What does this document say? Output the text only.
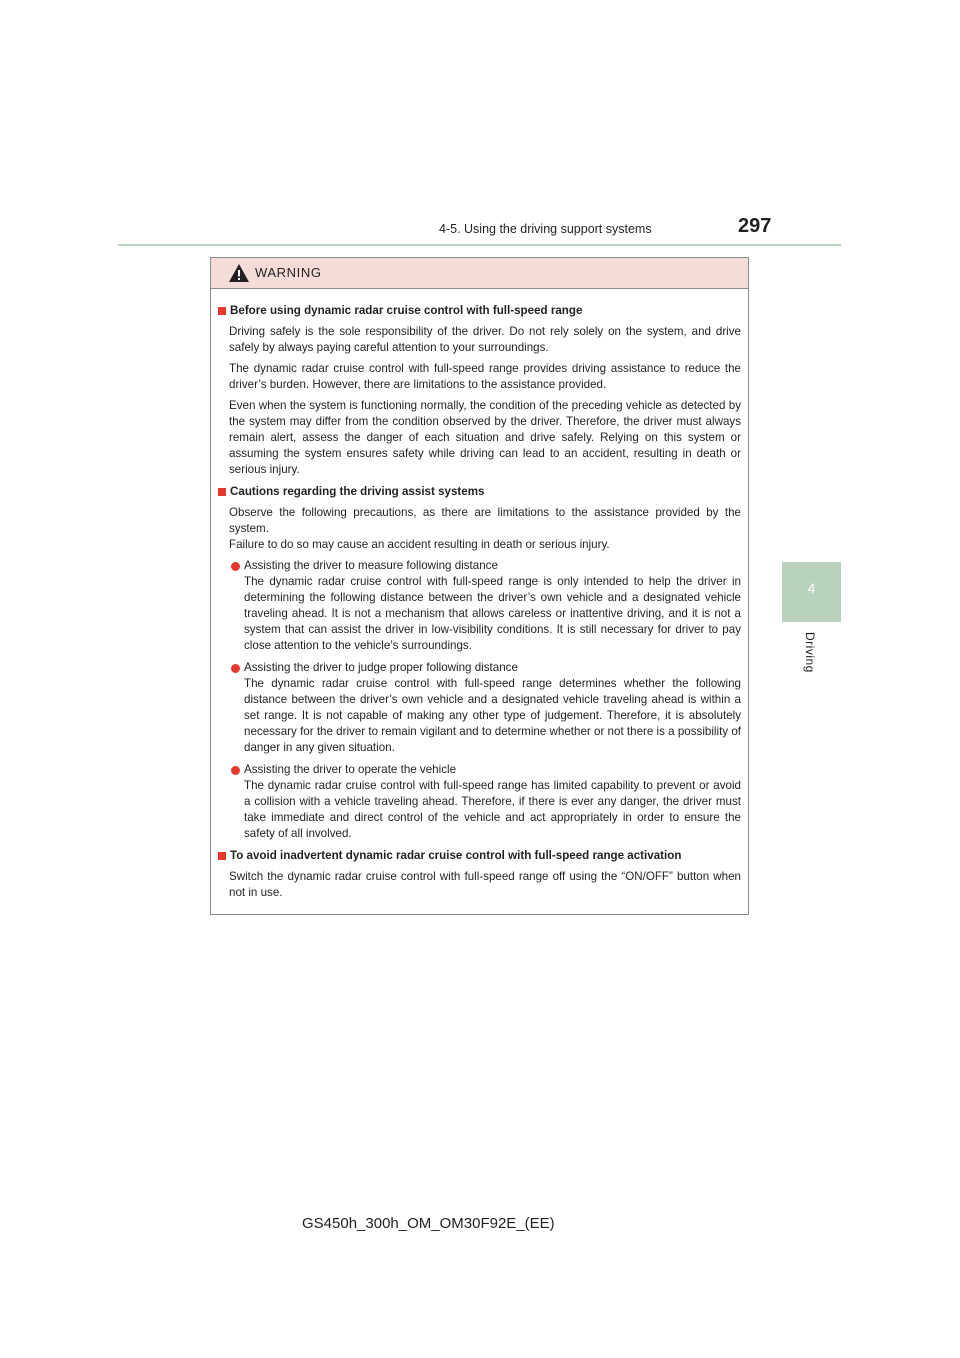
4-5. Using the driving support systems	297
4
Driving
WARNING
Before using dynamic radar cruise control with full-speed range
Driving safely is the sole responsibility of the driver. Do not rely solely on the system, and drive safely by always paying careful attention to your surroundings.
The dynamic radar cruise control with full-speed range provides driving assistance to reduce the driver’s burden. However, there are limitations to the assistance provided.
Even when the system is functioning normally, the condition of the preceding vehicle as detected by the system may differ from the condition observed by the driver. Therefore, the driver must always remain alert, assess the danger of each situation and drive safely. Relying on this system or assuming the system ensures safety while driving can lead to an accident, resulting in death or serious injury.
Cautions regarding the driving assist systems
Observe the following precautions, as there are limitations to the assistance provided by the system.
Failure to do so may cause an accident resulting in death or serious injury.
Assisting the driver to measure following distance
The dynamic radar cruise control with full-speed range is only intended to help the driver in determining the following distance between the driver’s own vehicle and a designated vehicle traveling ahead. It is not a mechanism that allows careless or inattentive driving, and it is not a system that can assist the driver in low-visibility conditions. It is still necessary for driver to pay close attention to the vehicle’s surroundings.
Assisting the driver to judge proper following distance
The dynamic radar cruise control with full-speed range determines whether the following distance between the driver’s own vehicle and a designated vehicle traveling ahead is within a set range. It is not capable of making any other type of judgement. Therefore, it is absolutely necessary for the driver to remain vigilant and to determine whether or not there is a possibility of danger in any given situation.
Assisting the driver to operate the vehicle
The dynamic radar cruise control with full-speed range has limited capability to prevent or avoid a collision with a vehicle traveling ahead. Therefore, if there is ever any danger, the driver must take immediate and direct control of the vehicle and act appropriately in order to ensure the safety of all involved.
To avoid inadvertent dynamic radar cruise control with full-speed range activation
Switch the dynamic radar cruise control with full-speed range off using the “ON/OFF” button when not in use.
GS450h_300h_OM_OM30F92E_(EE)
